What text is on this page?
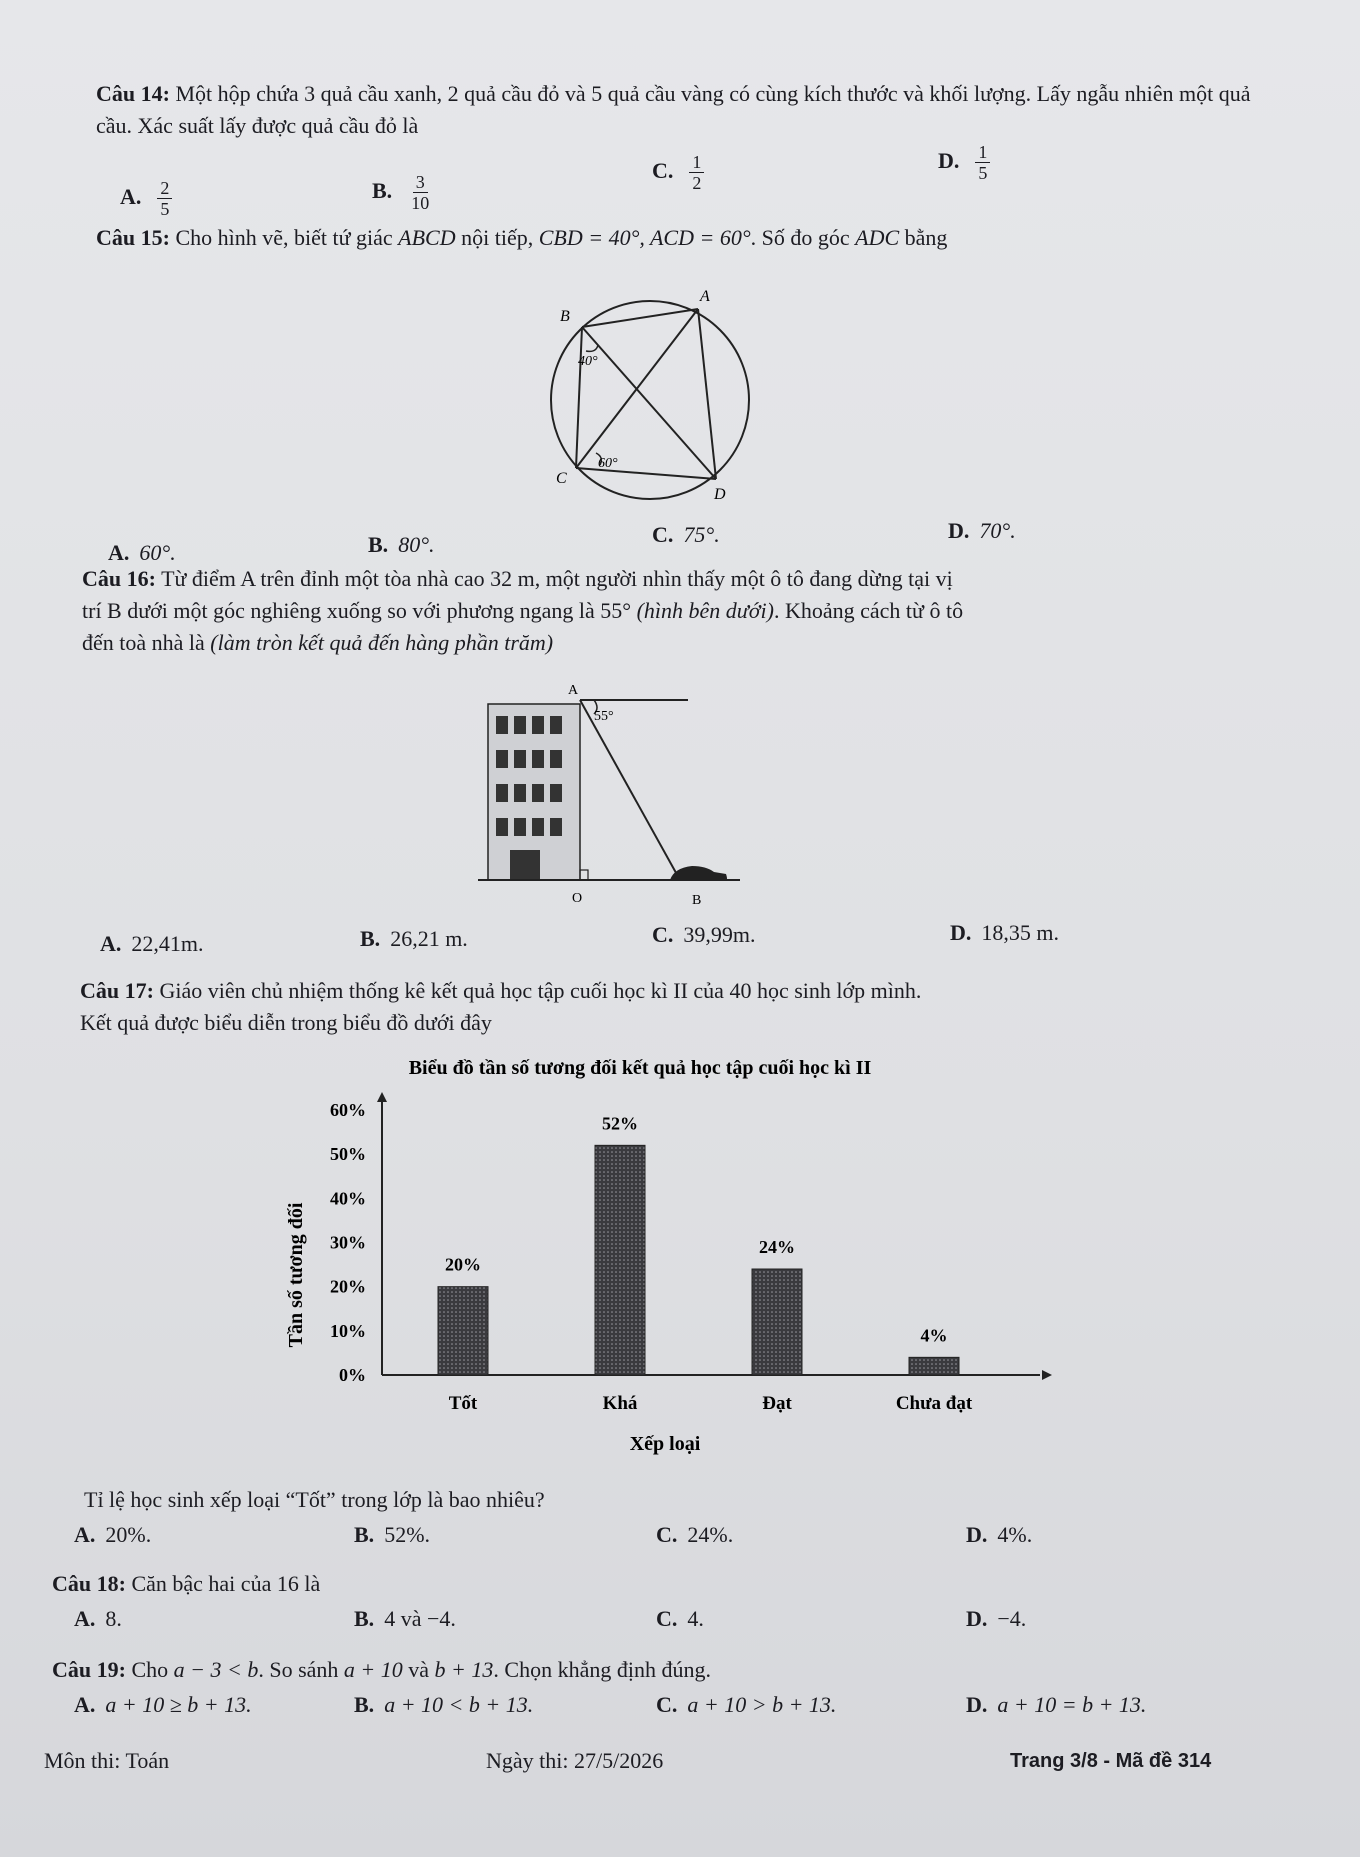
Câu 14: Một hộp chứa 3 quả cầu xanh, 2 quả cầu đỏ và 5 quả cầu vàng có cùng kích thước và khối lượng. Lấy ngẫu nhiên một quả cầu. Xác suất lấy được quả cầu đỏ là
A. $\frac{2}{5}$	B. $\frac{3}{10}$
C. $\frac{1}{2}$	D. $\frac{1}{5}$
Câu 15: Cho hình vẽ, biết tứ giác ABCD nội tiếp, CBD = 40°, ACD = 60°. Số đo góc ADC bằng
A
B
C
D
40°
60°
A. 60°.	B. 80°.	C. 75°.	D. 70°.
Câu 16: Từ điểm A trên đỉnh một tòa nhà cao 32 m, một người nhìn thấy một ô tô đang dừng tại vị
trí B dưới một góc nghiêng xuống so với phương ngang là 55° (hình bên dưới). Khoảng cách từ ô tô
đến toà nhà là (làm tròn kết quả đến hàng phần trăm)
A
55°
O	B
A. 22,41m.	B. 26,21 m.	C. 39,99m.	D. 18,35 m.
Câu 17: Giáo viên chủ nhiệm thống kê kết quả học tập cuối học kì II của 40 học sinh lớp mình.
Kết quả được biểu diễn trong biểu đồ dưới đây
Biểu đồ tần số tương đối kết quả học tập cuối học kì II
Tần số tương đối
Xếp loại
0%
10%
20%
30%
40%
50%
60%
20%
52%
24%
4%
Tốt	Khá	Đạt	Chưa đạt
Tỉ lệ học sinh xếp loại “Tốt” trong lớp là bao nhiêu?
A. 20%.	B. 52%.	C. 24%.	D. 4%.
Câu 18: Căn bậc hai của 16 là
A. 8.	B. 4 và −4.	C. 4.	D. −4.
Câu 19: Cho a − 3 < b. So sánh a + 10 và b + 13. Chọn khẳng định đúng.
A. a + 10 ≥ b + 13.	B. a + 10 < b + 13.	C. a + 10 > b + 13.	D. a + 10 = b + 13.
Môn thi: Toán	Ngày thi: 27/5/2026	Trang 3/8 - Mã đề 314
